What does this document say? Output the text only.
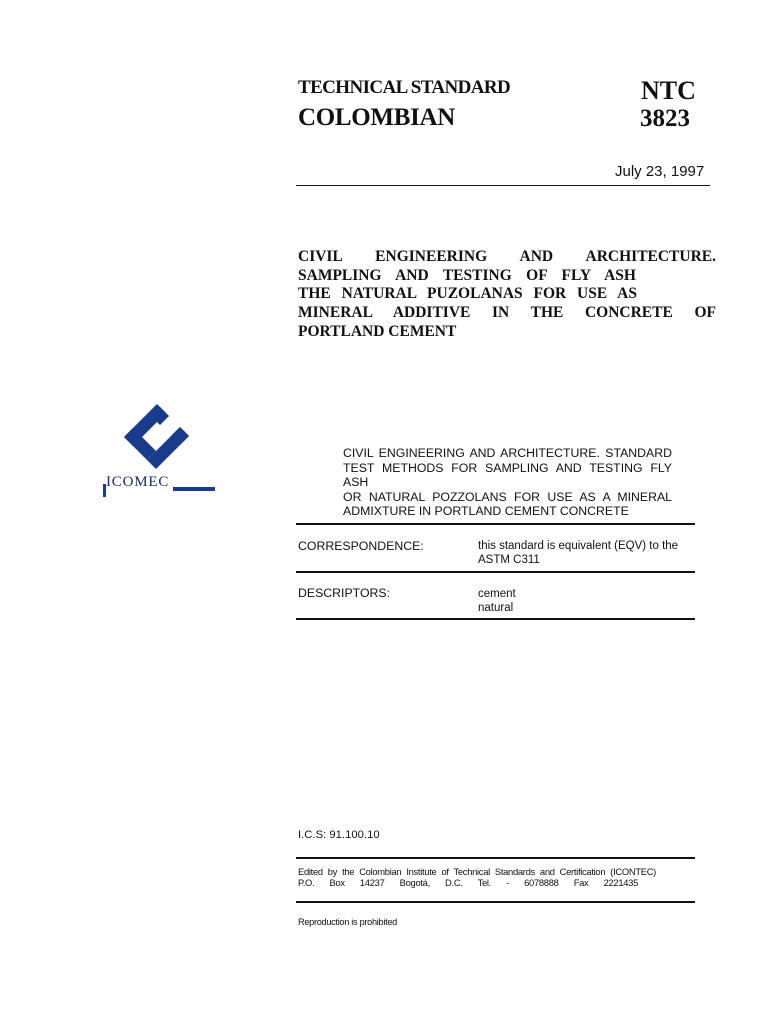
TECHNICAL STANDARD
COLOMBIAN
NTC
3823
July 23, 1997
CIVIL ENGINEERING AND ARCHITECTURE.
SAMPLING AND TESTING OF FLY ASH
THE NATURAL PUZOLANAS FOR USE AS
MINERAL ADDITIVE IN THE CONCRETE OF
PORTLAND CEMENT
ICOMEC
CIVIL ENGINEERING AND ARCHITECTURE. STANDARD
TEST METHODS FOR SAMPLING AND TESTING FLY ASH
OR NATURAL POZZOLANS FOR USE AS A MINERAL
ADMIXTURE IN PORTLAND CEMENT CONCRETE
CORRESPONDENCE:	this standard is equivalent (EQV) to the
ASTM C311
DESCRIPTORS:	cement
natural
I.C.S: 91.100.10
Edited by the Colombian Institute of Technical Standards and Certification (ICONTEC)
P.O. Box 14237 Bogotá, D.C. Tel. - 6078888 Fax 2221435
Reproduction is prohibited
